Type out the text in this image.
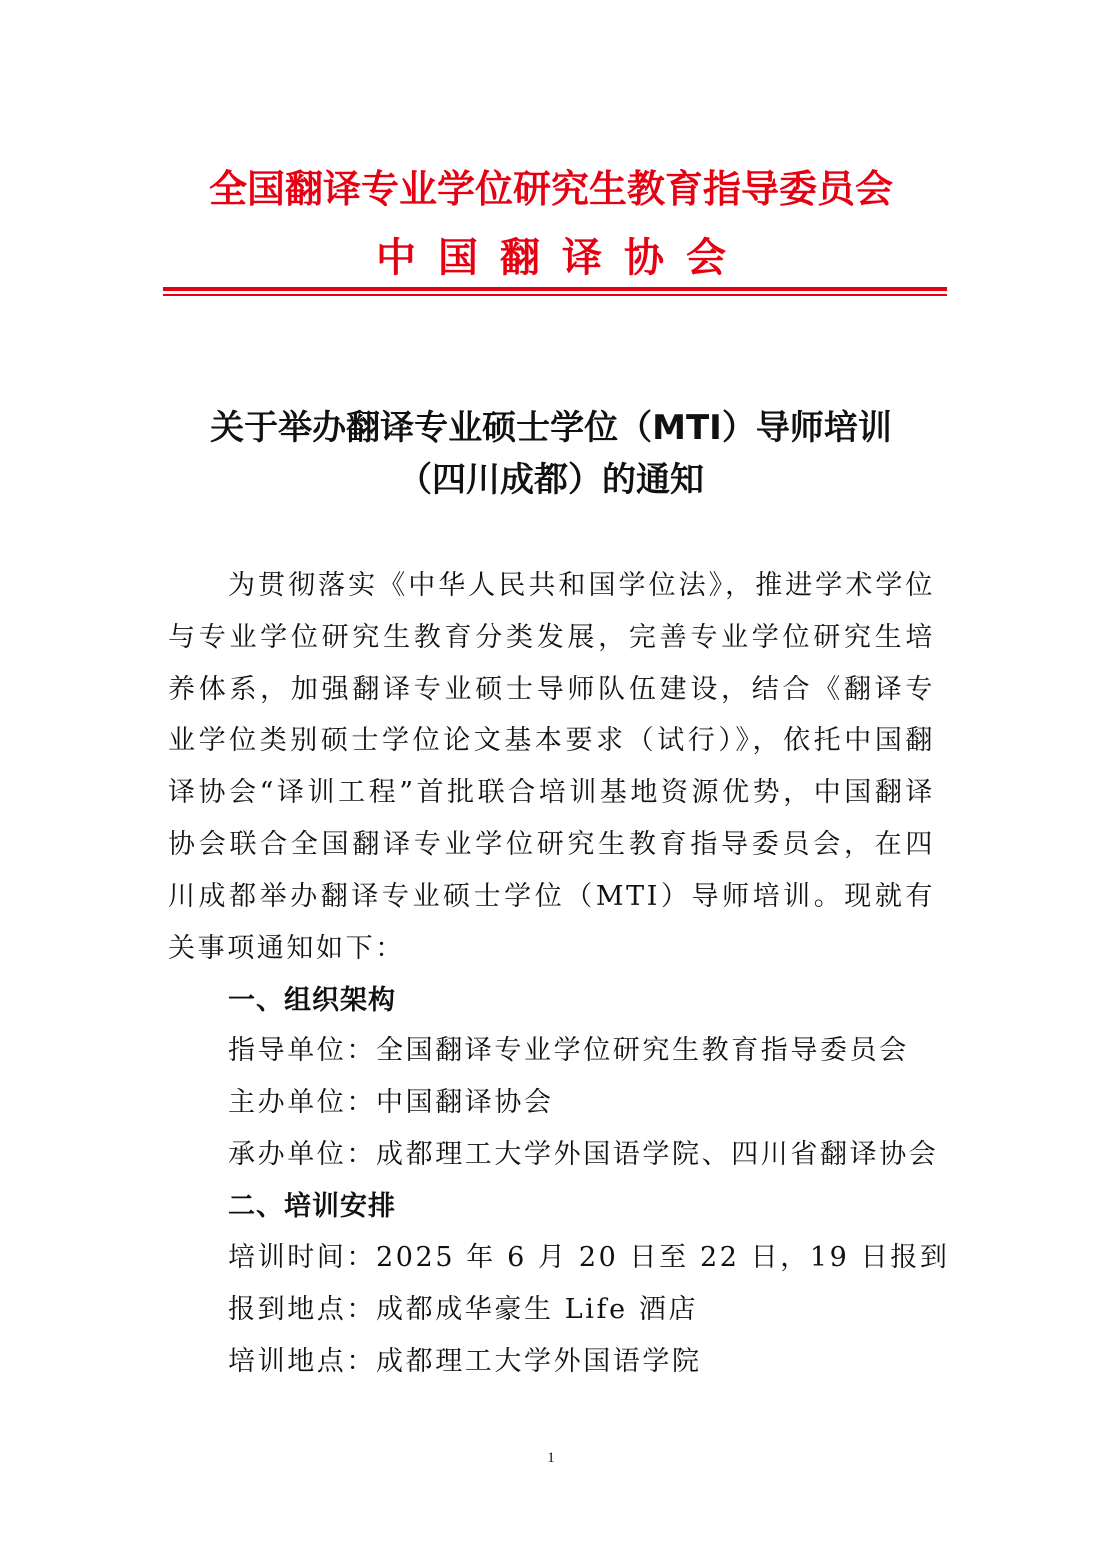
全国翻译专业学位研究生教育指导委员会
中国翻译协会
关于举办翻译专业硕士学位（MTI）导师培训
（四川成都）的通知

为贯彻落实《中华人民共和国学位法》，推进学术学位与专业学位研究生教育分类发展，完善专业学位研究生培养体系，加强翻译专业硕士导师队伍建设，结合《翻译专业学位类别硕士学位论文基本要求（试行）》，依托中国翻译协会“译训工程”首批联合培训基地资源优势，中国翻译协会联合全国翻译专业学位研究生教育指导委员会，在四川成都举办翻译专业硕士学位（MTI）导师培训。现就有关事项通知如下：

一、组织架构
指导单位：全国翻译专业学位研究生教育指导委员会
主办单位：中国翻译协会
承办单位：成都理工大学外国语学院、四川省翻译协会
二、培训安排
培训时间：2025 年 6 月 20 日至 22 日，19 日报到
报到地点：成都成华豪生 Life 酒店
培训地点：成都理工大学外国语学院
1
